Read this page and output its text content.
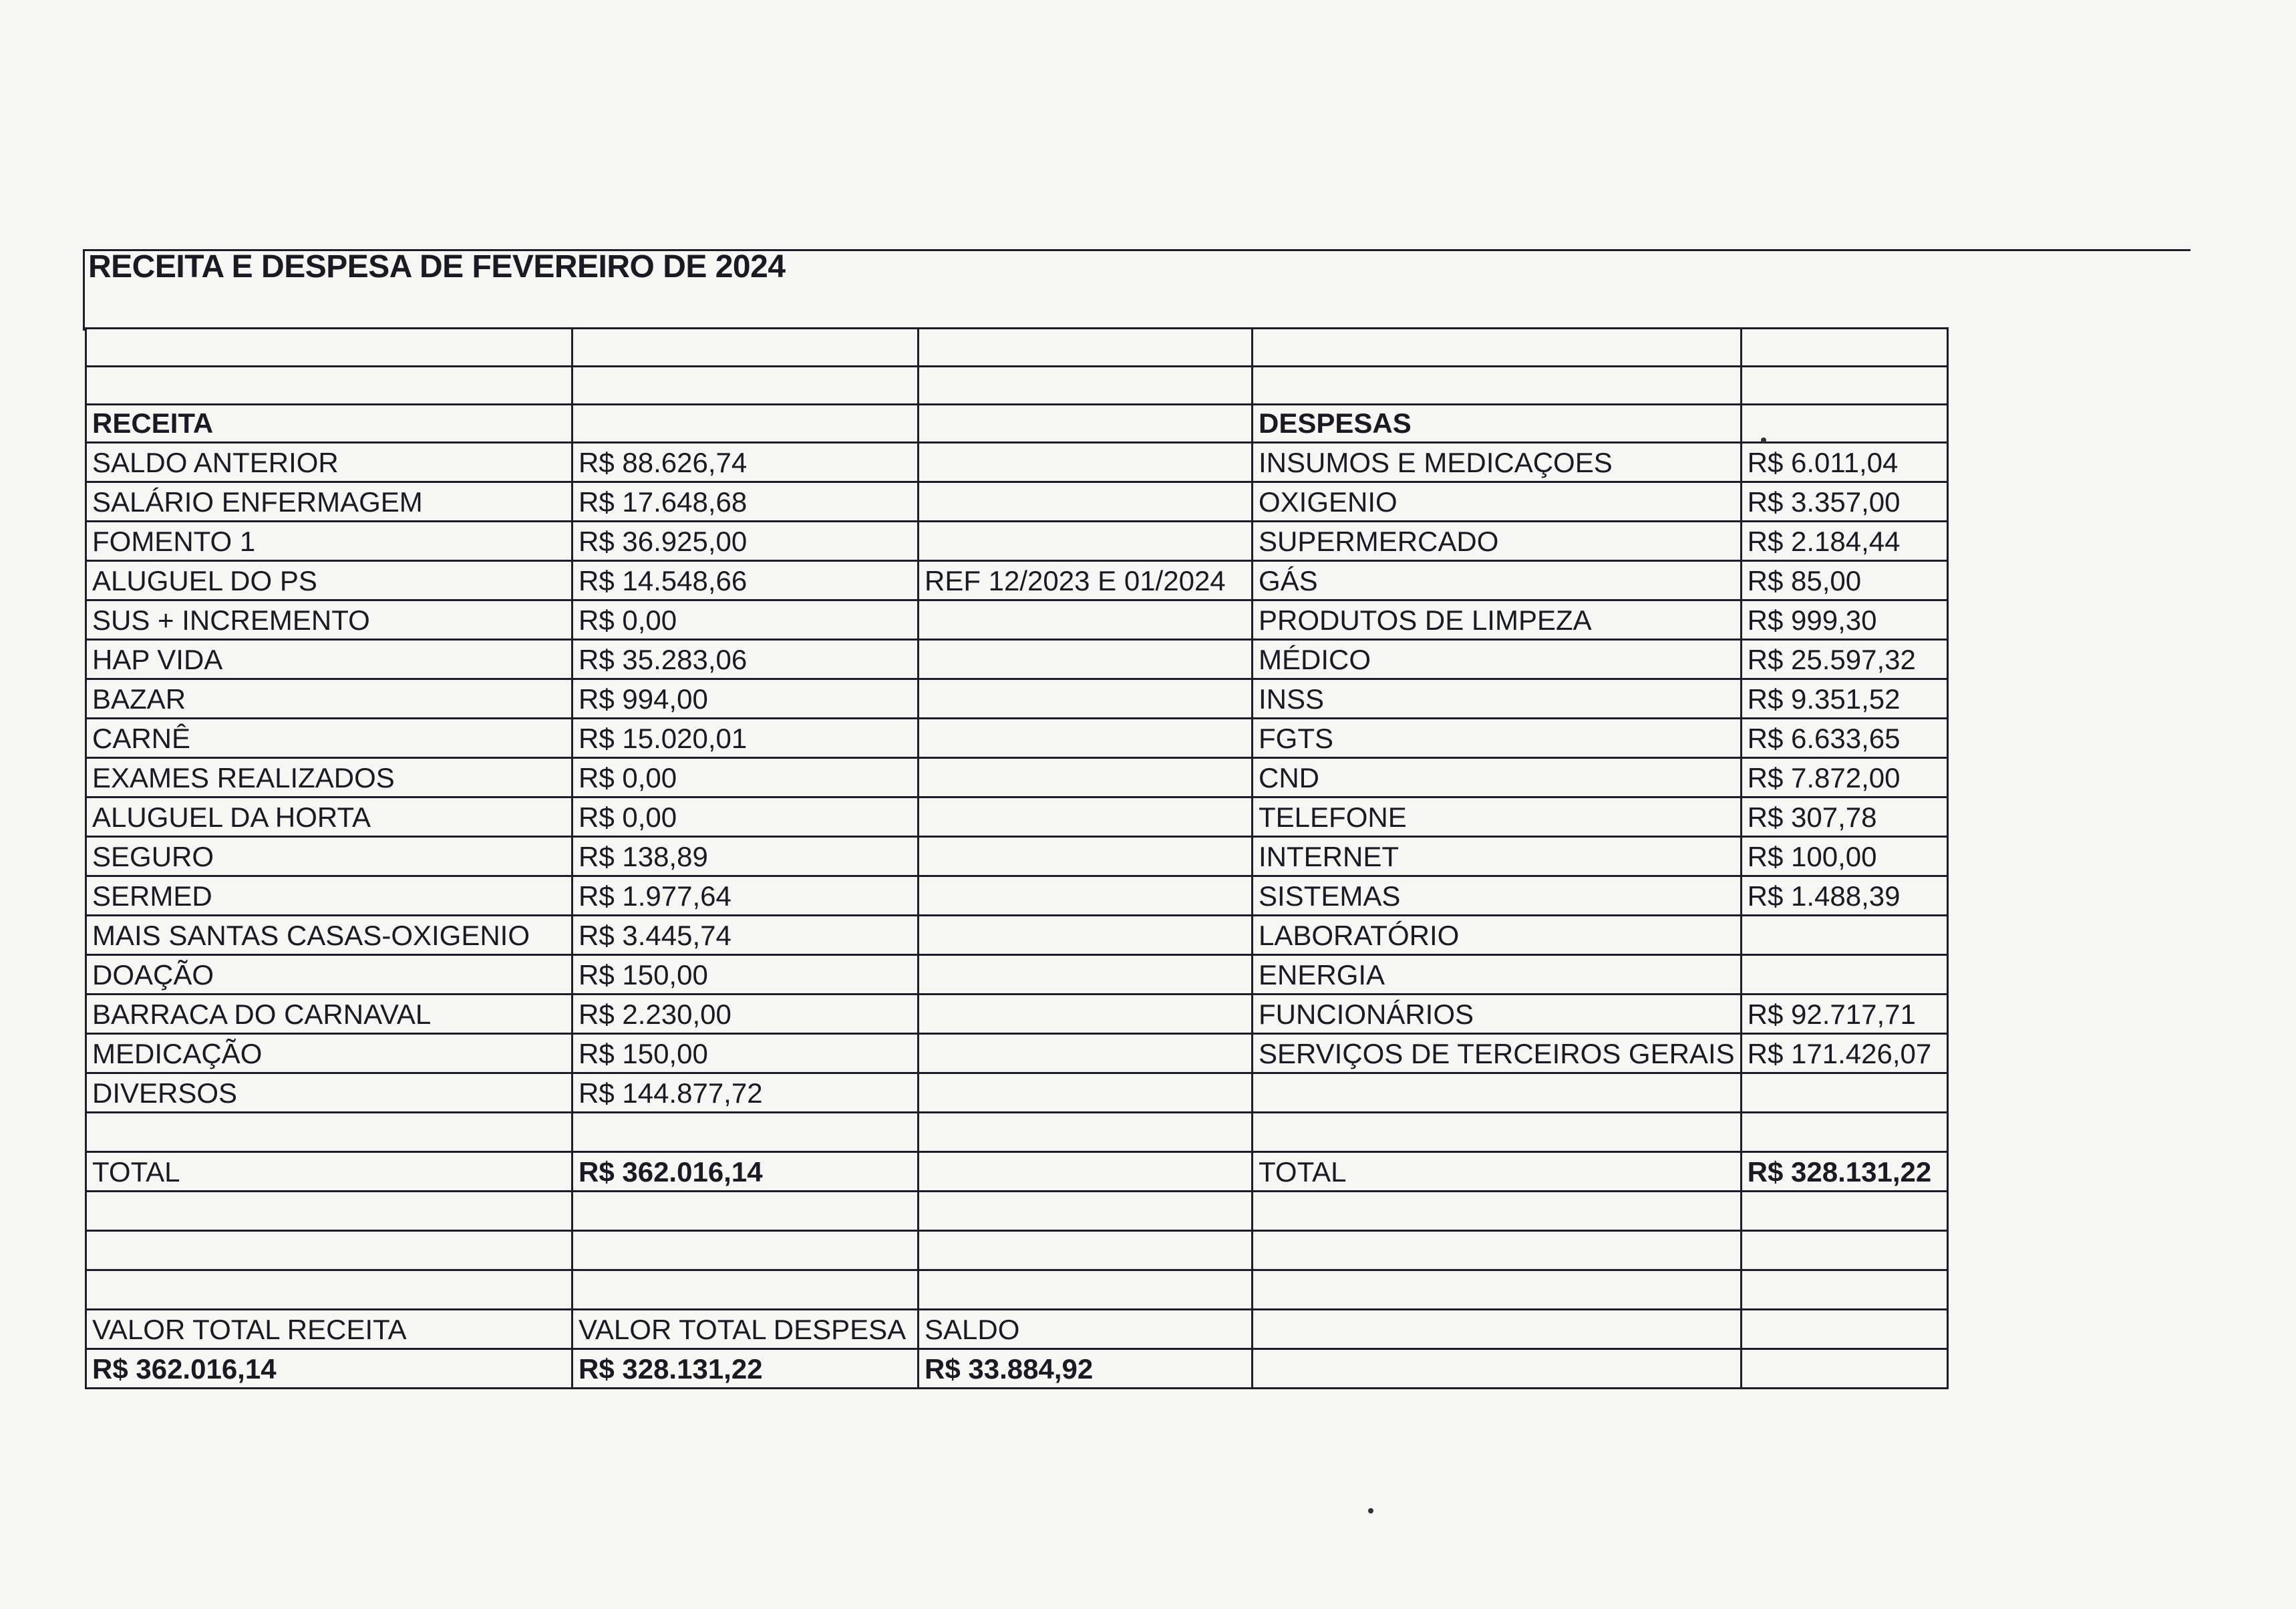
RECEITA E DESPESA DE FEVEREIRO DE 2024

RECEITA			DESPESAS	
SALDO ANTERIOR	R$ 88.626,74		INSUMOS E MEDICAÇOES	R$ 6.011,04
SALÁRIO ENFERMAGEM	R$ 17.648,68		OXIGENIO	R$ 3.357,00
FOMENTO 1	R$ 36.925,00		SUPERMERCADO	R$ 2.184,44
ALUGUEL DO PS	R$ 14.548,66	REF 12/2023 E 01/2024	GÁS	R$ 85,00
SUS + INCREMENTO	R$ 0,00		PRODUTOS DE LIMPEZA	R$ 999,30
HAP VIDA	R$ 35.283,06		MÉDICO	R$ 25.597,32
BAZAR	R$ 994,00		INSS	R$ 9.351,52
CARNÊ	R$ 15.020,01		FGTS	R$ 6.633,65
EXAMES REALIZADOS	R$ 0,00		CND	R$ 7.872,00
ALUGUEL DA HORTA	R$ 0,00		TELEFONE	R$ 307,78
SEGURO	R$ 138,89		INTERNET	R$ 100,00
SERMED	R$ 1.977,64		SISTEMAS	R$ 1.488,39
MAIS SANTAS CASAS-OXIGENIO	R$ 3.445,74		LABORATÓRIO	
DOAÇÃO	R$ 150,00		ENERGIA	
BARRACA DO CARNAVAL	R$ 2.230,00		FUNCIONÁRIOS	R$ 92.717,71
MEDICAÇÃO	R$ 150,00		SERVIÇOS DE TERCEIROS GERAIS	R$ 171.426,07
DIVERSOS	R$ 144.877,72			

TOTAL	R$ 362.016,14		TOTAL	R$ 328.131,22

VALOR TOTAL RECEITA	VALOR TOTAL DESPESA	SALDO		
R$ 362.016,14	R$ 328.131,22	R$ 33.884,92		
